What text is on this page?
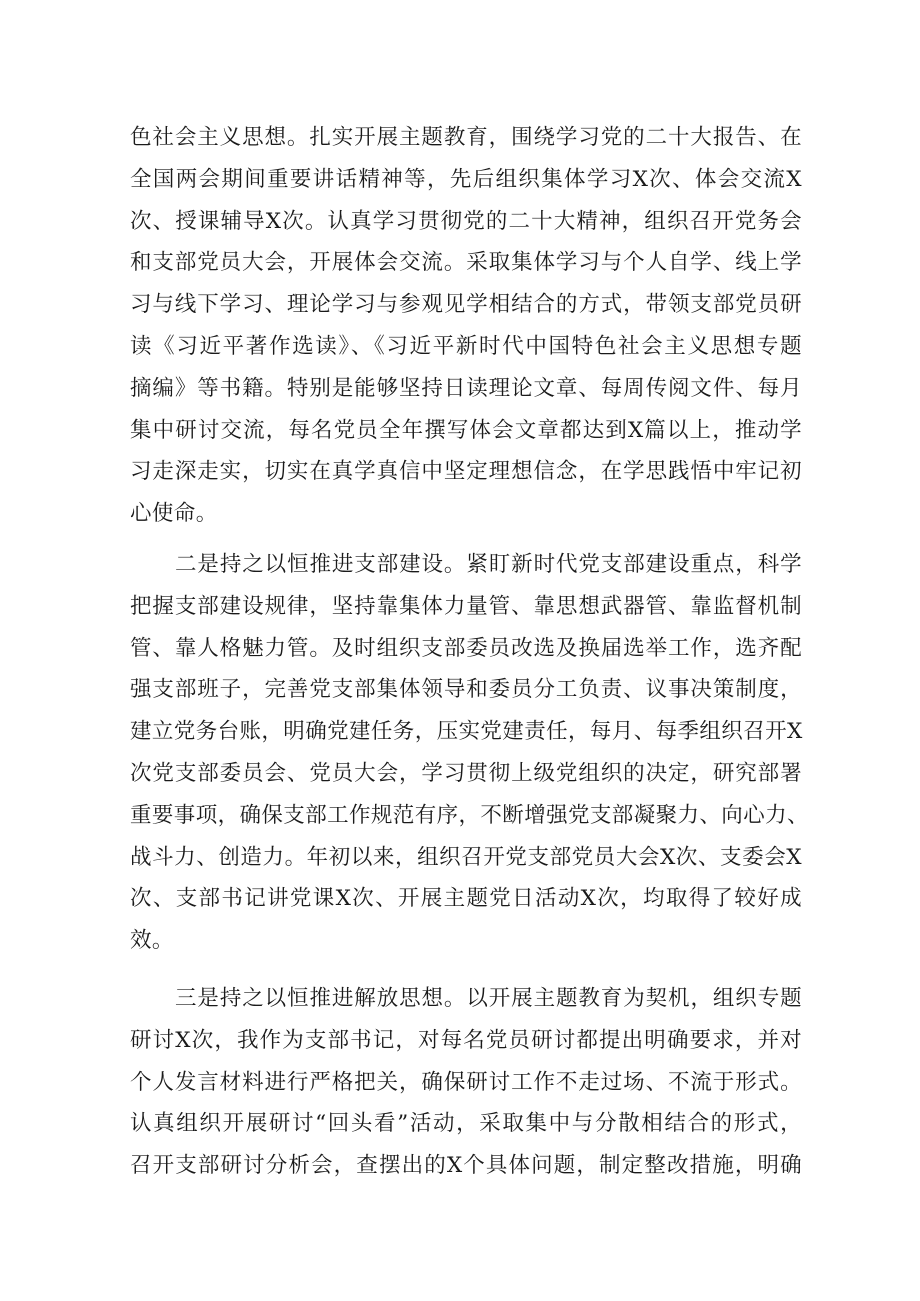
色社会主义思想。扎实开展主题教育，围绕学习党的二十大报告、在
全国两会期间重要讲话精神等，先后组织集体学习X次、体会交流X
次、授课辅导X次。认真学习贯彻党的二十大精神，组织召开党务会
和支部党员大会，开展体会交流。采取集体学习与个人自学、线上学
习与线下学习、理论学习与参观见学相结合的方式，带领支部党员研
读《习近平著作选读》、《习近平新时代中国特色社会主义思想专题
摘编》等书籍。特别是能够坚持日读理论文章、每周传阅文件、每月
集中研讨交流，每名党员全年撰写体会文章都达到X篇以上，推动学
习走深走实，切实在真学真信中坚定理想信念，在学思践悟中牢记初
心使命。
二是持之以恒推进支部建设。紧盯新时代党支部建设重点，科学
把握支部建设规律，坚持靠集体力量管、靠思想武器管、靠监督机制
管、靠人格魅力管。及时组织支部委员改选及换届选举工作，选齐配
强支部班子，完善党支部集体领导和委员分工负责、议事决策制度，
建立党务台账，明确党建任务，压实党建责任，每月、每季组织召开X
次党支部委员会、党员大会，学习贯彻上级党组织的决定，研究部署
重要事项，确保支部工作规范有序，不断增强党支部凝聚力、向心力、
战斗力、创造力。年初以来，组织召开党支部党员大会X次、支委会X
次、支部书记讲党课X次、开展主题党日活动X次，均取得了较好成
效。
三是持之以恒推进解放思想。以开展主题教育为契机，组织专题
研讨X次，我作为支部书记，对每名党员研讨都提出明确要求，并对
个人发言材料进行严格把关，确保研讨工作不走过场、不流于形式。
认真组织开展研讨“回头看”活动，采取集中与分散相结合的形式，
召开支部研讨分析会，查摆出的X个具体问题，制定整改措施，明确
